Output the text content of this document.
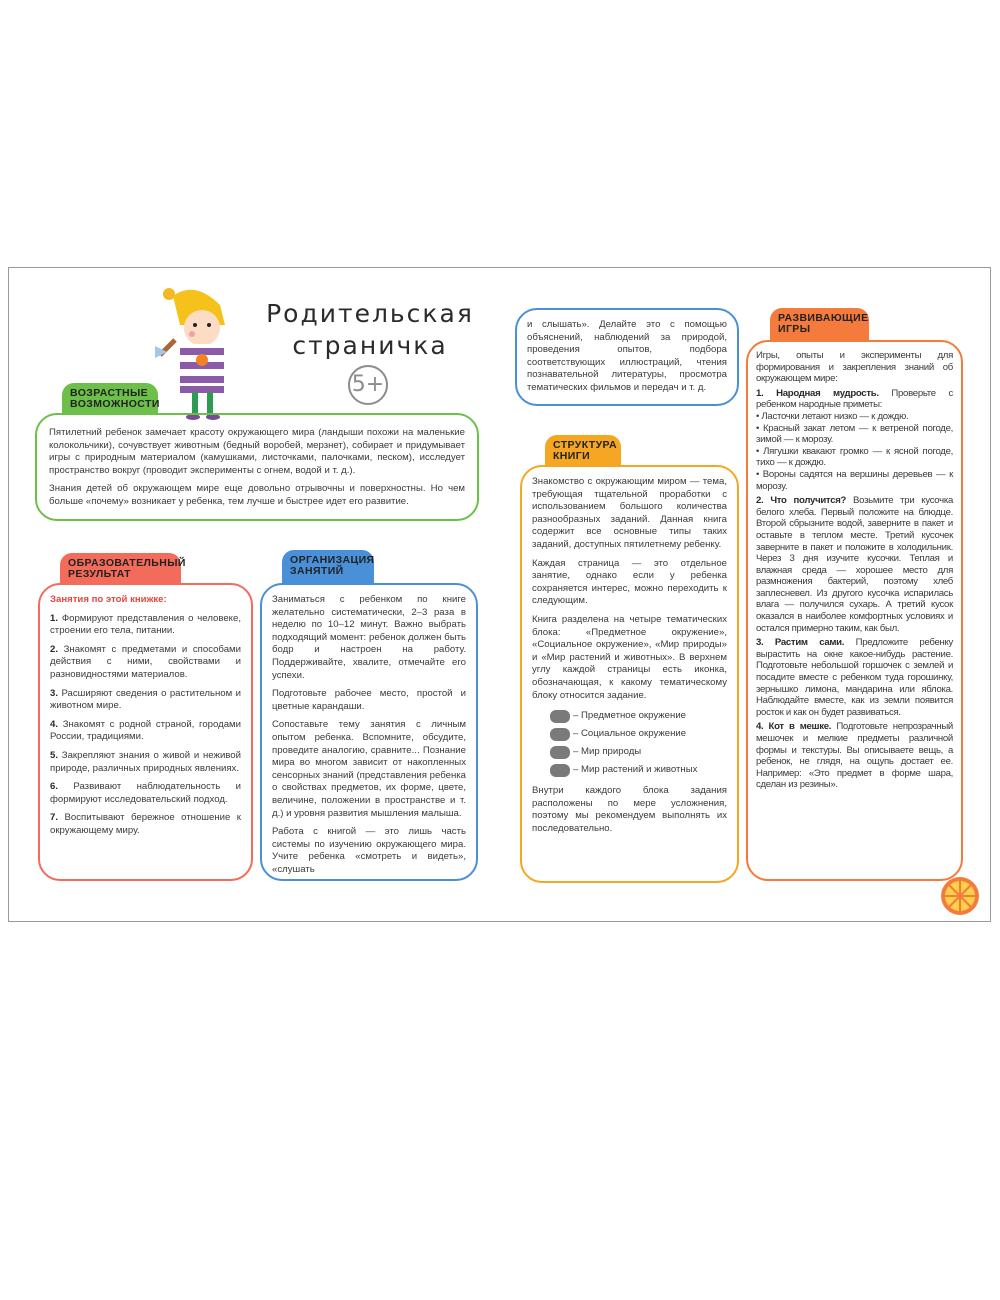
Родительская
страничка
5+
ВОЗРАСТНЫЕ
ВОЗМОЖНОСТИ

Пятилетний ребенок замечает красоту окружающего мира (ландыши похожи на маленькие колокольчики), сочувствует животным (бедный воробей, мерзнет), собирает и придумывает игры с природным материалом (камушками, листочками, палочками, песком), исследует пространство вокруг (проводит эксперименты с огнем, водой и т. д.).

Знания детей об окружающем мире еще довольно отрывочны и поверхностны. Но чем больше «почему» возникает у ребенка, тем лучше и быстрее идет его развитие.

ОБРАЗОВАТЕЛЬНЫЙ
РЕЗУЛЬТАТ

Занятия по этой книжке:

1. Формируют представления о человеке, строении его тела, питании.

2. Знакомят с предметами и способами действия с ними, свойствами и разновидностями материалов.

3. Расширяют сведения о растительном и животном мире.

4. Знакомят с родной страной, городами России, традициями.

5. Закрепляют знания о живой и неживой природе, различных природных явлениях.

6. Развивают наблюдательность и формируют исследовательский подход.

7. Воспитывают бережное отношение к окружающему миру.

ОРГАНИЗАЦИЯ
ЗАНЯТИЙ

Заниматься с ребенком по книге желательно систематически, 2–3 раза в неделю по 10–12 минут. Важно выбрать подходящий момент: ребенок должен быть бодр и настроен на работу. Поддерживайте, хвалите, отмечайте его успехи.

Подготовьте рабочее место, простой и цветные карандаши.

Сопоставьте тему занятия с личным опытом ребенка. Вспомните, обсудите, проведите аналогию, сравните... Познание мира во многом зависит от накопленных сенсорных знаний (представления ребенка о свойствах предметов, их форме, цвете, величине, положении в пространстве и т. д.) и уровня развития мышления малыша.

Работа с книгой — это лишь часть системы по изучению окружающего мира. Учите ребенка «смотреть и видеть», «слушать

и слышать». Делайте это с помощью объяснений, наблюдений за природой, проведения опытов, подбора соответствующих иллюстраций, чтения познавательной литературы, просмотра тематических фильмов и передач и т. д.

СТРУКТУРА
КНИГИ

Знакомство с окружающим миром — тема, требующая тщательной проработки с использованием большого количества разнообразных заданий. Данная книга содержит все основные типы таких заданий, доступных пятилетнему ребенку.

Каждая страница — это отдельное занятие, однако если у ребенка сохраняется интерес, можно переходить к следующим.

Книга разделена на четыре тематических блока: «Предметное окружение», «Социальное окружение», «Мир природы» и «Мир растений и животных». В верхнем углу каждой страницы есть иконка, обозначающая, к какому тематическому блоку относится задание.

– Предметное окружение
– Социальное окружение
– Мир природы
– Мир растений и животных

Внутри каждого блока задания расположены по мере усложнения, поэтому мы рекомендуем выполнять их последовательно.

РАЗВИВАЮЩИЕ
ИГРЫ

Игры, опыты и эксперименты для формирования и закрепления знаний об окружающем мире:

1. Народная мудрость. Проверьте с ребенком народные приметы:

• Ласточки летают низко — к дождю.
• Красный закат летом — к ветреной погоде, зимой — к морозу.
• Лягушки квакают громко — к ясной погоде, тихо — к дождю.
• Вороны садятся на вершины деревьев — к морозу.

2. Что получится? Возьмите три кусочка белого хлеба. Первый положите на блюдце. Второй сбрызните водой, заверните в пакет и оставьте в теплом месте. Третий кусочек заверните в пакет и положите в холодильник. Через 3 дня изучите кусочки. Теплая и влажная среда — хорошее место для размножения бактерий, поэтому хлеб заплесневел. Из другого кусочка испарилась влага — получился сухарь. А третий кусок оказался в наиболее комфортных условиях и остался примерно таким, как был.

3. Растим сами. Предложите ребенку вырастить на окне какое-нибудь растение. Подготовьте небольшой горшочек с землей и посадите вместе с ребенком туда горошинку, зернышко лимона, мандарина или яблока. Наблюдайте вместе, как из земли появится росток и как он будет развиваться.

4. Кот в мешке. Подготовьте непрозрачный мешочек и мелкие предметы различной формы и текстуры. Вы описываете вещь, а ребенок, не глядя, на ощупь достает ее. Например: «Это предмет в форме шара, сделан из резины».
